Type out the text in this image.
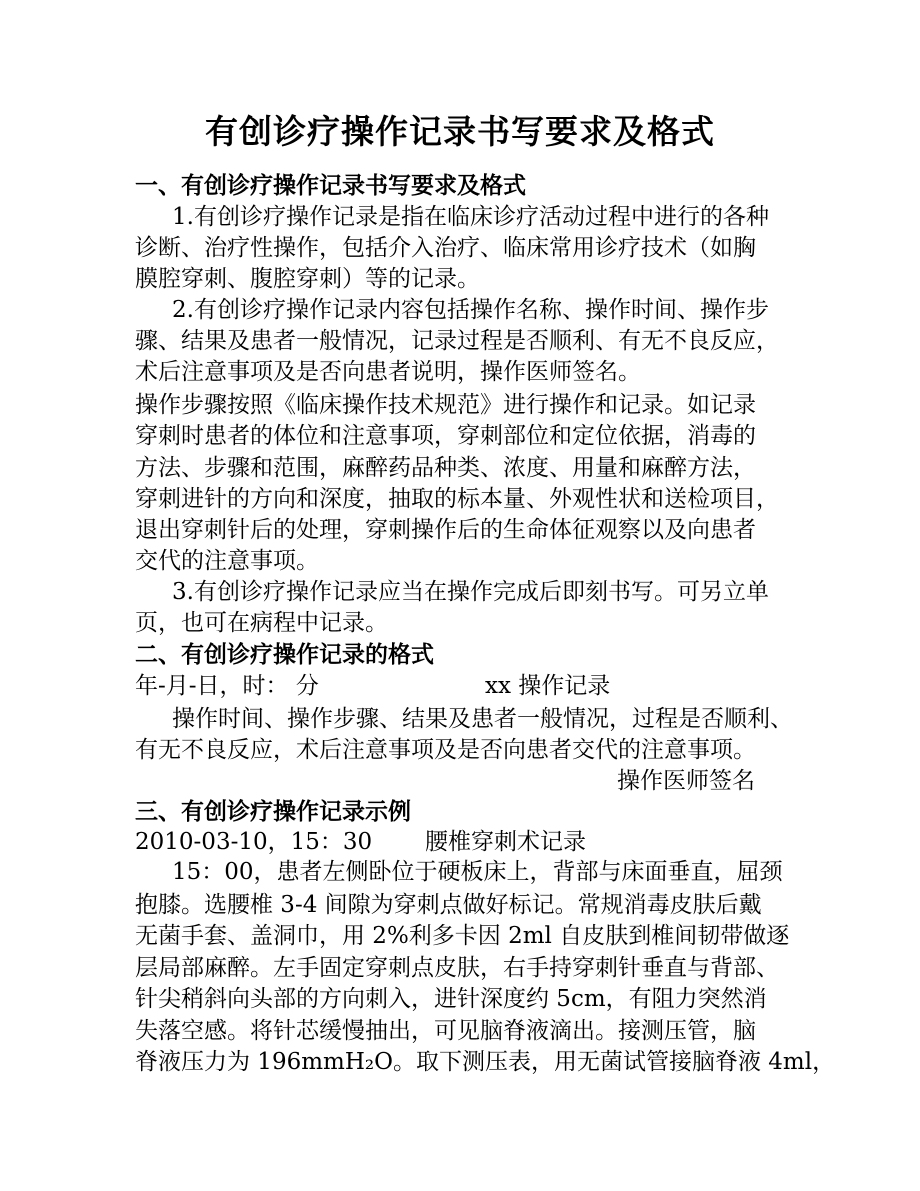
有创诊疗操作记录书写要求及格式
一、有创诊疗操作记录书写要求及格式
1.有创诊疗操作记录是指在临床诊疗活动过程中进行的各种
诊断、治疗性操作，包括介入治疗、临床常用诊疗技术（如胸
膜腔穿刺、腹腔穿刺）等的记录。
2.有创诊疗操作记录内容包括操作名称、操作时间、操作步
骤、结果及患者一般情况，记录过程是否顺利、有无不良反应，
术后注意事项及是否向患者说明，操作医师签名。
操作步骤按照《临床操作技术规范》进行操作和记录。如记录
穿刺时患者的体位和注意事项，穿刺部位和定位依据，消毒的
方法、步骤和范围，麻醉药品种类、浓度、用量和麻醉方法，
穿刺进针的方向和深度，抽取的标本量、外观性状和送检项目，
退出穿刺针后的处理，穿刺操作后的生命体征观察以及向患者
交代的注意事项。
3.有创诊疗操作记录应当在操作完成后即刻书写。可另立单
页，也可在病程中记录。
二、有创诊疗操作记录的格式
年-月-日，时： 分	xx 操作记录
操作时间、操作步骤、结果及患者一般情况，过程是否顺利、
有无不良反应，术后注意事项及是否向患者交代的注意事项。
操作医师签名
三、有创诊疗操作记录示例
2010-03-10，15：30 腰椎穿刺术记录
15：00，患者左侧卧位于硬板床上，背部与床面垂直，屈颈
抱膝。选腰椎 3-4 间隙为穿刺点做好标记。常规消毒皮肤后戴
无菌手套、盖洞巾，用 2%利多卡因 2ml 自皮肤到椎间韧带做逐
层局部麻醉。左手固定穿刺点皮肤，右手持穿刺针垂直与背部、
针尖稍斜向头部的方向刺入，进针深度约 5cm，有阻力突然消
失落空感。将针芯缓慢抽出，可见脑脊液滴出。接测压管，脑
脊液压力为 196mmH₂O。取下测压表，用无菌试管接脑脊液 4ml，
